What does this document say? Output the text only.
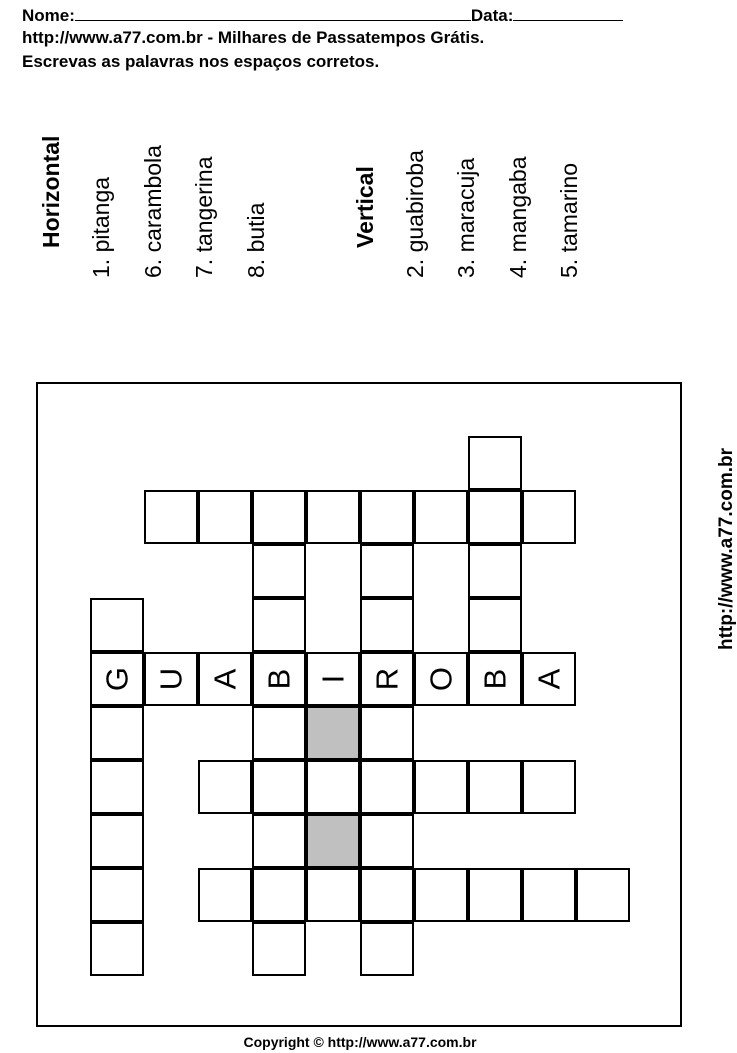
Nome:	Data:
http://www.a77.com.br - Milhares de Passatempos Grátis.
Escrevas as palavras nos espaços corretos.
Horizontal 1. pitanga 6. carambola 7. tangerina 8. butia	Vertical 2. guabiroba 3. maracuja 4. mangaba 5. tamarino
G U A B I R O B A
http://www.a77.com.br
Copyright © http://www.a77.com.br
